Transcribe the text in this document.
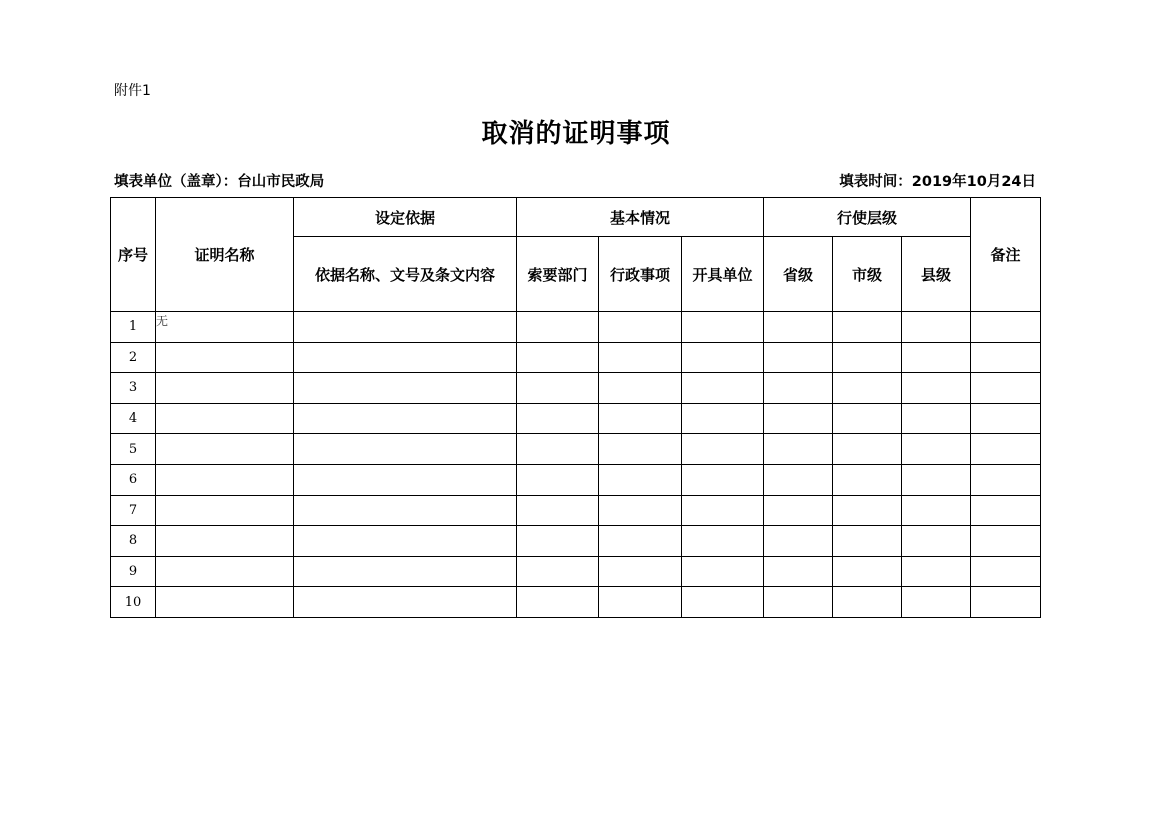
附件1
取消的证明事项
填表单位（盖章）：台山市民政局	填表时间：2019年10月24日
序号	证明名称	设定依据	基本情况			行使层级			备注
		依据名称、文号及条文内容	索要部门	行政事项	开具单位	省级	市级	县级	
1	无								
2									
3									
4									
5									
6									
7									
8									
9									
10									
